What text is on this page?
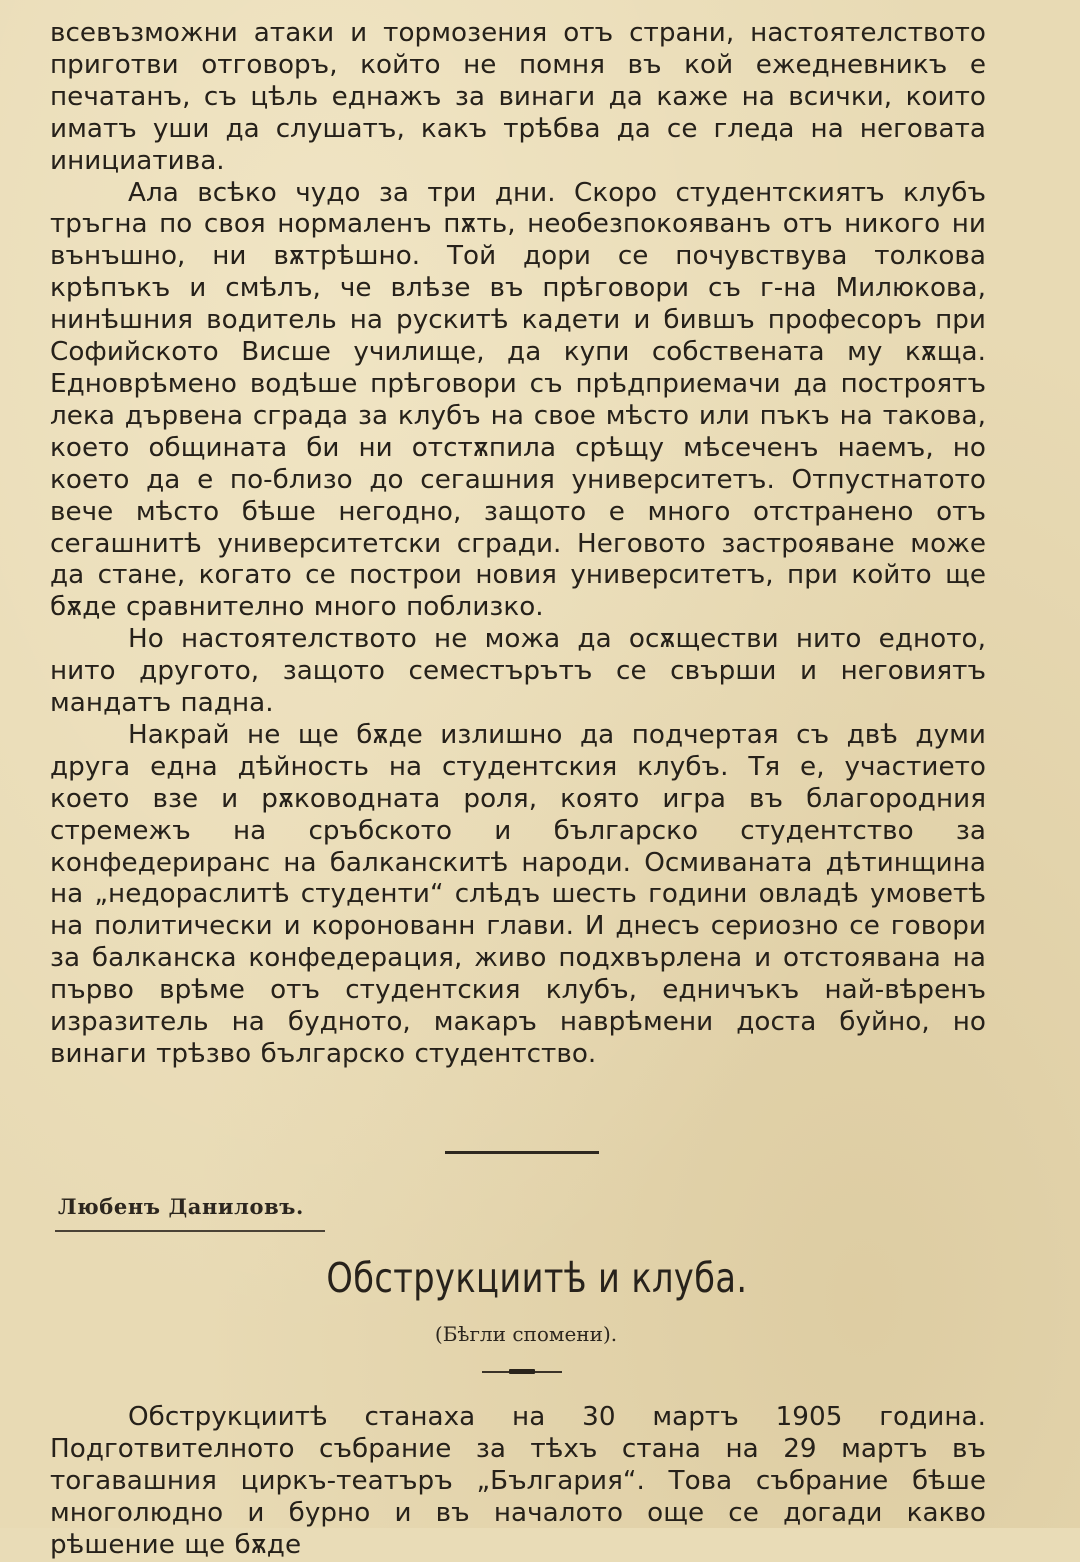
всевъзможни атаки и тормозения отъ страни, настоятелството приготви отговоръ, който не помня въ кой ежедневникъ е печатанъ, съ цѣль еднажъ за винаги да каже на всички, които иматъ уши да слушатъ, какъ трѣбва да се гледа на неговата инициатива.

Ала всѣко чудо за три дни. Скоро студентскиятъ клубъ тръгна по своя нормаленъ пѫть, необезпокояванъ отъ никого ни вънъшно, ни вѫтрѣшно. Той дори се почувствува толкова крѣпъкъ и смѣлъ, че влѣзе въ прѣговори съ г-на Милюкова, нинѣшния водитель на рускитѣ кадети и бившъ професоръ при Софийското Висше училище, да купи собствената му кѫща. Едноврѣмено водѣше прѣговори съ прѣдприемачи да построятъ лека дървена сграда за клубъ на свое мѣсто или пъкъ на такова, което общината би ни отстѫпила срѣщу мѣсеченъ наемъ, но което да е по-близо до сегашния университетъ. Отпустнатото вече мѣсто бѣше негодно, защото е много отстранено отъ сегашнитѣ университетски сгради. Неговото застрояване може да стане, когато се построи новия университетъ, при който ще бѫде сравнително много поблизко.

Но настоятелството не можа да осѫществи нито едното, нито другото, защото семестърътъ се свърши и неговиятъ мандатъ падна.

Накрай не ще бѫде излишно да подчертая съ двѣ думи друга една дѣйность на студентския клубъ. Тя е, участието което взе и рѫководната роля, която игра въ благородния стремежъ на сръбското и българско студентство за конфедериранс на балканскитѣ народи. Осмиваната дѣтинщина на „недораслитѣ студенти“ слѣдъ шесть години овладѣ умоветѣ на политически и коронованн глави. И днесъ сериозно се говори за балканска конфедерация, живо подхвърлена и отстоявана на първо врѣме отъ студентския клубъ, едничъкъ най-вѣренъ изразитель на будното, макаръ наврѣмени доста буйно, но винаги трѣзво българско студентство.

Любенъ Даниловъ.
Обструкциитѣ и клуба.
(Бѣгли спомени).

Обструкциитѣ станаха на 30 мартъ 1905 година. Подготвителното събрание за тѣхъ стана на 29 мартъ въ тогавашния циркъ-театъръ „България“. Това събрание бѣше многолюдно и бурно и въ началото още се догади какво рѣшение ще бѫде
